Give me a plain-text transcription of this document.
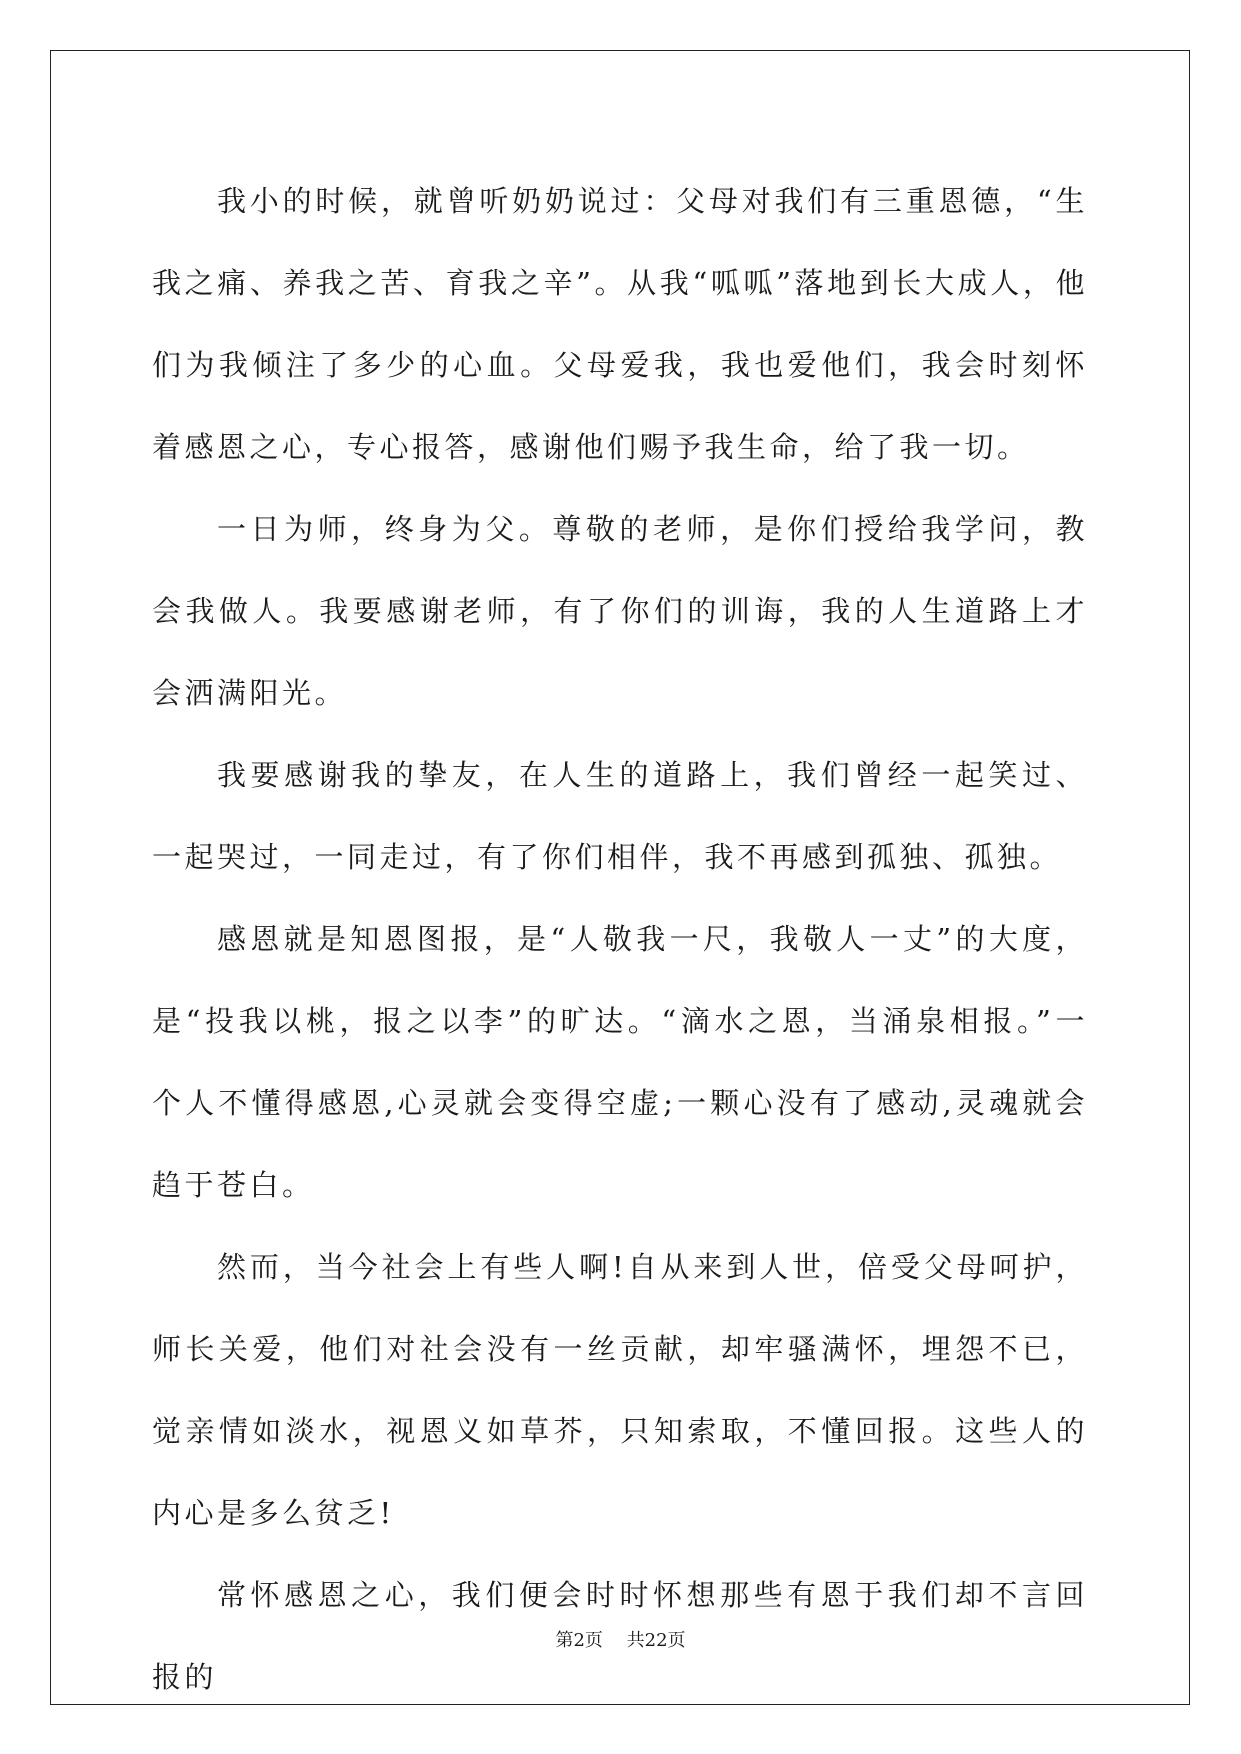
我小的时候，就曾听奶奶说过：父母对我们有三重恩德，“生我之痛、养我之苦、育我之辛”。从我“呱呱”落地到长大成人，他们为我倾注了多少的心血。父母爱我，我也爱他们，我会时刻怀着感恩之心，专心报答，感谢他们赐予我生命，给了我一切。

一日为师，终身为父。尊敬的老师，是你们授给我学问，教会我做人。我要感谢老师，有了你们的训诲，我的人生道路上才会洒满阳光。

我要感谢我的挚友，在人生的道路上，我们曾经一起笑过、一起哭过，一同走过，有了你们相伴，我不再感到孤独、孤独。

感恩就是知恩图报，是“人敬我一尺，我敬人一丈”的大度，是“投我以桃，报之以李”的旷达。“滴水之恩，当涌泉相报。”一个人不懂得感恩,心灵就会变得空虚;一颗心没有了感动,灵魂就会趋于苍白。

然而，当今社会上有些人啊!自从来到人世，倍受父母呵护，师长关爱，他们对社会没有一丝贡献，却牢骚满怀，埋怨不已，觉亲情如淡水，视恩义如草芥，只知索取，不懂回报。这些人的内心是多么贫乏!

常怀感恩之心，我们便会时时怀想那些有恩于我们却不言回报的

第2页 共22页
